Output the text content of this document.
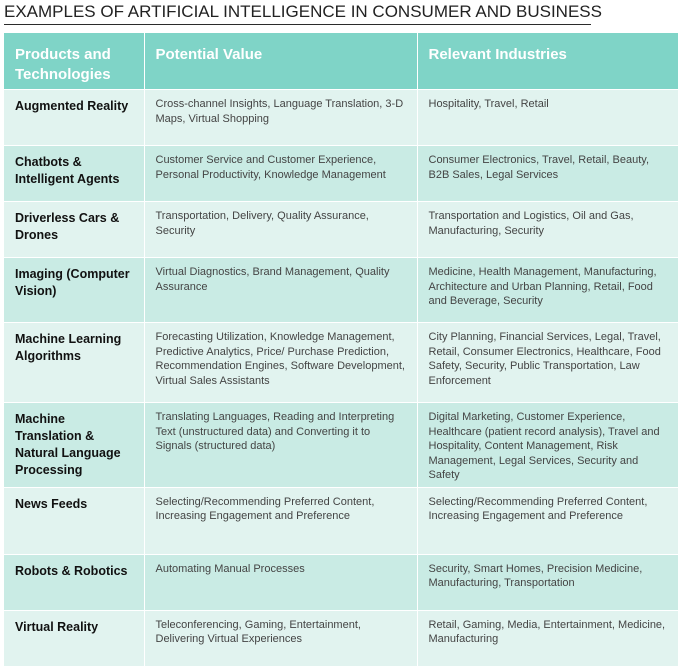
EXAMPLES OF ARTIFICIAL INTELLIGENCE IN CONSUMER AND BUSINESS
Products and Technologies	Potential Value	Relevant Industries
Augmented Reality	Cross-channel Insights, Language Translation, 3-D Maps, Virtual Shopping	Hospitality, Travel, Retail
Chatbots & Intelligent Agents	Customer Service and Customer Experience, Personal Productivity, Knowledge Management	Consumer Electronics, Travel, Retail, Beauty, B2B Sales, Legal Services
Driverless Cars & Drones	Transportation, Delivery, Quality Assurance, Security	Transportation and Logistics, Oil and Gas, Manufacturing, Security
Imaging (Computer Vision)	Virtual Diagnostics, Brand Management, Quality Assurance	Medicine, Health Management, Manufacturing, Architecture and Urban Planning, Retail, Food and Beverage, Security
Machine Learning Algorithms	Forecasting Utilization, Knowledge Management, Predictive Analytics, Price/ Purchase Prediction, Recommendation Engines, Software Development, Virtual Sales Assistants	City Planning, Financial Services, Legal, Travel, Retail, Consumer Electronics, Healthcare, Food Safety, Security, Public Transportation, Law Enforcement
Machine Translation & Natural Language Processing	Translating Languages, Reading and Interpreting Text (unstructured data) and Converting it to Signals (structured data)	Digital Marketing, Customer Experience, Healthcare (patient record analysis), Travel and Hospitality, Content Management, Risk Management, Legal Services, Security and Safety
News Feeds	Selecting/Recommending Preferred Content, Increasing Engagement and Preference	Selecting/Recommending Preferred Content, Increasing Engagement and Preference
Robots & Robotics	Automating Manual Processes	Security, Smart Homes, Precision Medicine, Manufacturing, Transportation
Virtual Reality	Teleconferencing, Gaming, Entertainment, Delivering Virtual Experiences	Retail, Gaming, Media, Entertainment, Medicine, Manufacturing
